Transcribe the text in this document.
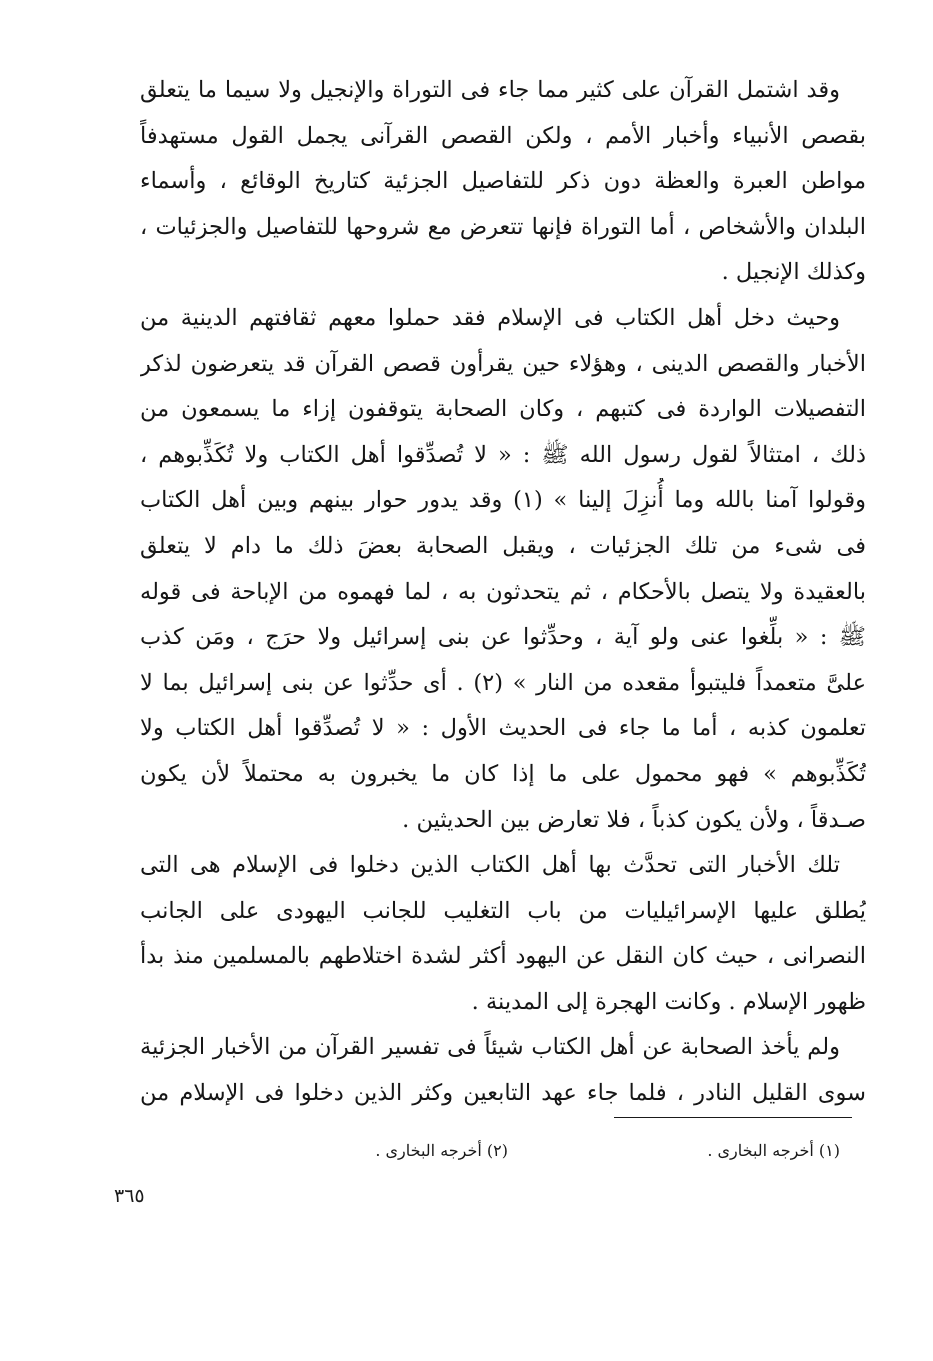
وقد اشتمل القرآن على كثير مما جاء فى التوراة والإنجيل ولا سيما ما يتعلق
بقصص الأنبياء وأخبار الأمم ، ولكن القصص القرآنى يجمل القول مستهدفاً
مواطن العبرة والعظة دون ذكر للتفاصيل الجزئية كتاريخ الوقائع ، وأسماء
البلدان والأشخاص ، أما التوراة فإنها تتعرض مع شروحها للتفاصيل والجزئيات ،
وكذلك الإنجيل .
وحيث دخل أهل الكتاب فى الإسلام فقد حملوا معهم ثقافتهم الدينية من
الأخبار والقصص الدينى ، وهؤلاء حين يقرأون قصص القرآن قد يتعرضون لذكر
التفصيلات الواردة فى كتبهم ، وكان الصحابة يتوقفون إزاء ما يسمعون من
ذلك ، امتثالاً لقول رسول الله ﷺ : « لا تُصدِّقوا أهل الكتاب ولا تُكَذِّبوهم ،
وقولوا آمنا بالله وما أُنزِلَ إلينا » (١) وقد يدور حوار بينهم وبين أهل الكتاب
فى شىء من تلك الجزئيات ، ويقبل الصحابة بعضَ ذلك ما دام لا يتعلق
بالعقيدة ولا يتصل بالأحكام ، ثم يتحدثون به ، لما فهموه من الإباحة فى قوله
ﷺ : « بلِّغوا عنى ولو آية ، وحدِّثوا عن بنى إسرائيل ولا حرَج ، ومَن كذب
علىَّ متعمداً فليتبوأ مقعده من النار » (٢) . أى حدِّثوا عن بنى إسرائيل بما لا
تعلمون كذبه ، أما ما جاء فى الحديث الأول : « لا تُصدِّقوا أهل الكتاب ولا
تُكَذِّبوهم » فهو محمول على ما إذا كان ما يخبرون به محتملاً لأن يكون
صـدقاً ، ولأن يكون كذباً ، فلا تعارض بين الحديثين .
تلك الأخبار التى تحدَّث بها أهل الكتاب الذين دخلوا فى الإسلام هى التى
يُطلق عليها الإسرائيليات من باب التغليب للجانب اليهودى على الجانب
النصرانى ، حيث كان النقل عن اليهود أكثر لشدة اختلاطهم بالمسلمين منذ بدأ
ظهور الإسلام . وكانت الهجرة إلى المدينة .
ولم يأخذ الصحابة عن أهل الكتاب شيئاً فى تفسير القرآن من الأخبار الجزئية
سوى القليل النادر ، فلما جاء عهد التابعين وكثر الذين دخلوا فى الإسلام من
(١) أخرجه البخارى .
(٢) أخرجه البخارى .
٣٦٥
